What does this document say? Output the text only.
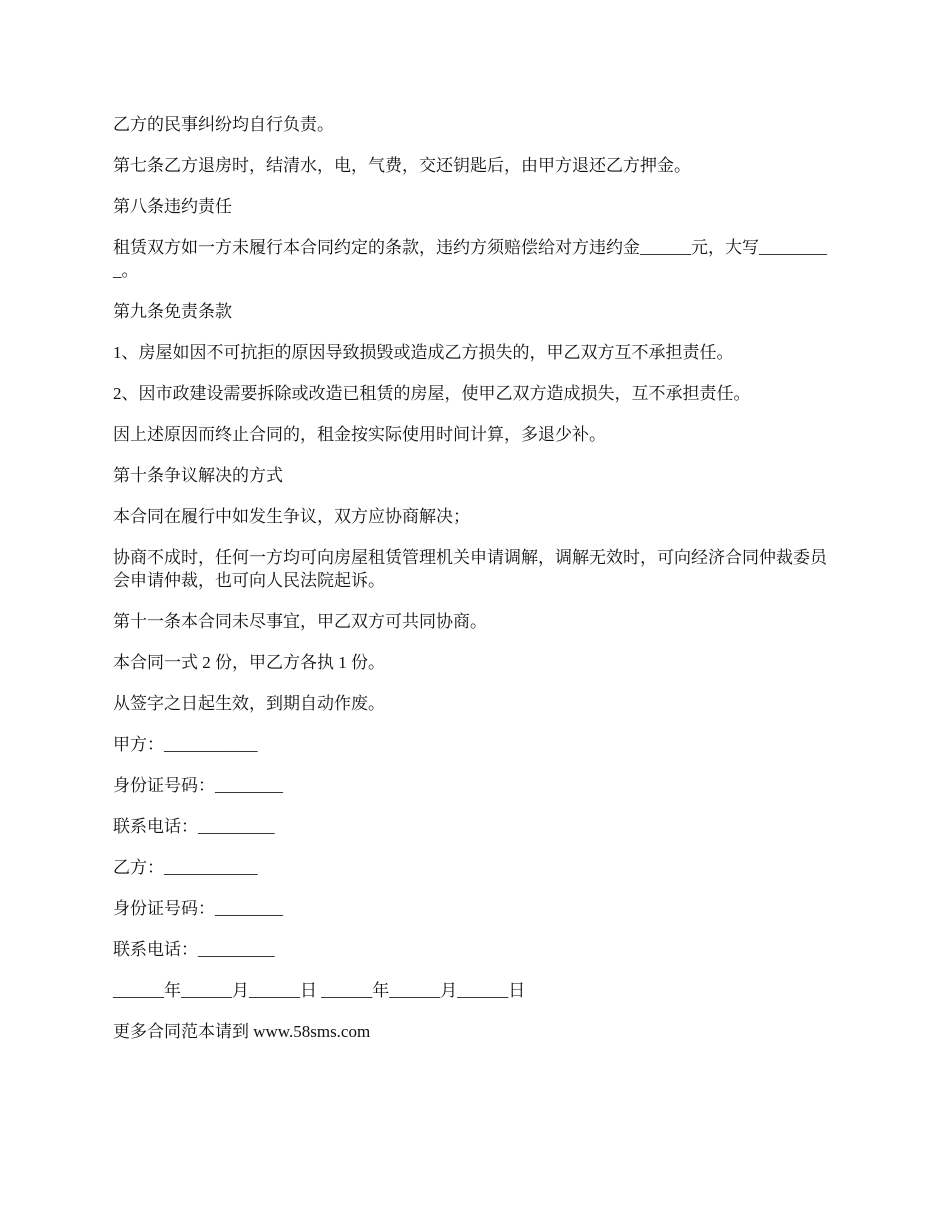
乙方的民事纠纷均自行负责。

第七条乙方退房时，结清水，电，气费，交还钥匙后，由甲方退还乙方押金。

第八条违约责任

租赁双方如一方未履行本合同约定的条款，违约方须赔偿给对方违约金______元，大写_________。

第九条免责条款

1、房屋如因不可抗拒的原因导致损毁或造成乙方损失的，甲乙双方互不承担责任。

2、因市政建设需要拆除或改造已租赁的房屋，使甲乙双方造成损失，互不承担责任。

因上述原因而终止合同的，租金按实际使用时间计算，多退少补。

第十条争议解决的方式

本合同在履行中如发生争议，双方应协商解决；

协商不成时，任何一方均可向房屋租赁管理机关申请调解，调解无效时，可向经济合同仲裁委员会申请仲裁，也可向人民法院起诉。

第十一条本合同未尽事宜，甲乙双方可共同协商。

本合同一式 2 份，甲乙方各执 1 份。

从签字之日起生效，到期自动作废。

甲方：___________

身份证号码：________

联系电话：_________

乙方：___________

身份证号码：________

联系电话：_________

______年______月______日 ______年______月______日

更多合同范本请到 www.58sms.com
